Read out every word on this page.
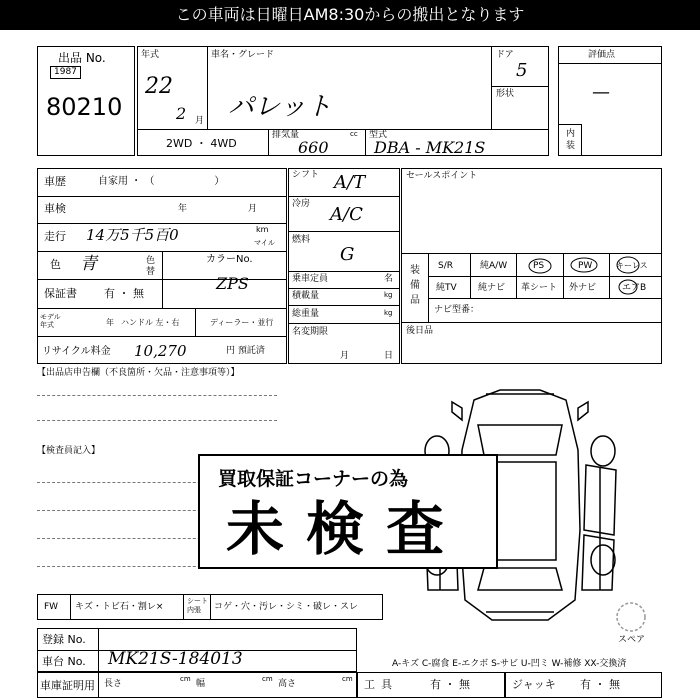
この車両は日曜日AM8:30からの搬出となります
出品 No.
1987
80210
年式
22
2 月
車名・グレード
パレット
ドア
5
形状
2WD ・ 4WD
排気量	cc
660
型式
DBA - MK21S
評価点
—
内装
車歴	自家用 ・ （　　　　　　）
車検	年	月
走行 14万5千5百0	km
マイル
色 青	色替
カラーNo.
ZPS
保証書 有 ・ 無
モデル年式	年 ハンドル 左・右	ディーラー・並行
リサイクル料金 10,270	円 預託済
シフト A/T
冷房 A/C
燃料
G
乗車定員	名
積載量	kg
総重量	kg
名変期限
月	日
セールスポイント
装備品
S/R	純A/W	PS	PW	キーレス
純TV 純ナビ 革シート 外ナビ	エアB
ナビ型番：
後日品
【出品店申告欄（不良箇所・欠品・注意事項等）】
【検査員記入】
スペア
買取保証コーナーの為
未検査
FW キズ・トビ石・割レ×
シート内張	コゲ・穴・汚レ・シミ・破レ・スレ
A-キズ C-腐食 E-エクボ S-サビ U-凹ミ W-補修 XX-交換済
登録 No.
車台 No. MK21S-184013
車庫証明用 長さ	cm 幅	cm 高さ	cm 工具	有 ・ 無	ジャッキ 有 ・ 無
